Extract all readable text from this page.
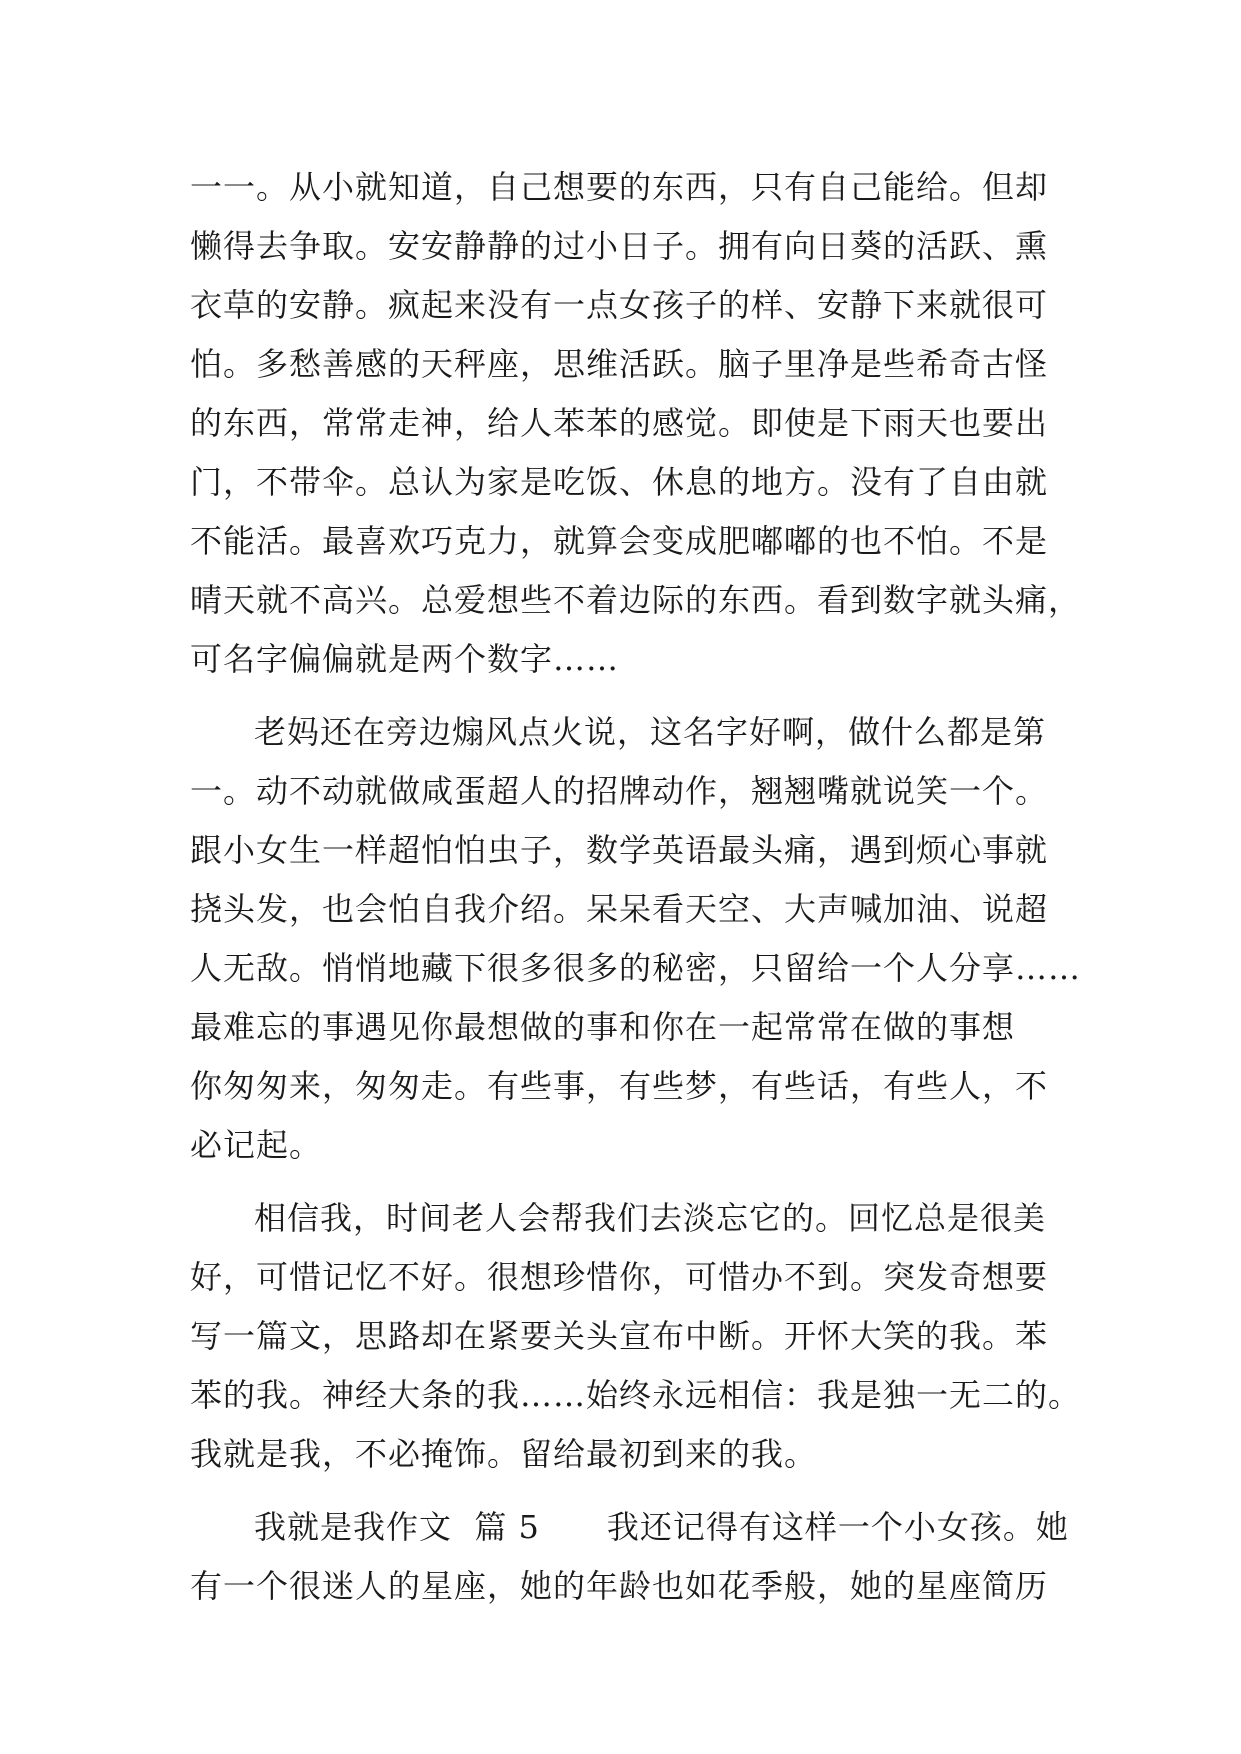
一一。从小就知道，自己想要的东西，只有自己能给。但却
懒得去争取。安安静静的过小日子。拥有向日葵的活跃、熏
衣草的安静。疯起来没有一点女孩子的样、安静下来就很可
怕。多愁善感的天秤座，思维活跃。脑子里净是些希奇古怪
的东西，常常走神，给人苯苯的感觉。即使是下雨天也要出
门，不带伞。总认为家是吃饭、休息的地方。没有了自由就
不能活。最喜欢巧克力，就算会变成肥嘟嘟的也不怕。不是
晴天就不高兴。总爱想些不着边际的东西。看到数字就头痛，
可名字偏偏就是两个数字……
老妈还在旁边煽风点火说，这名字好啊，做什么都是第
一。动不动就做咸蛋超人的招牌动作，翘翘嘴就说笑一个。
跟小女生一样超怕怕虫子，数学英语最头痛，遇到烦心事就
挠头发，也会怕自我介绍。呆呆看天空、大声喊加油、说超
人无敌。悄悄地藏下很多很多的秘密，只留给一个人分享……
最难忘的事遇见你最想做的事和你在一起常常在做的事想
你匆匆来，匆匆走。有些事，有些梦，有些话，有些人，不
必记起。
相信我，时间老人会帮我们去淡忘它的。回忆总是很美
好，可惜记忆不好。很想珍惜你，可惜办不到。突发奇想要
写一篇文，思路却在紧要关头宣布中断。开怀大笑的我。苯
苯的我。神经大条的我……始终永远相信：我是独一无二的。
我就是我，不必掩饰。留给最初到来的我。
我就是我作文  篇 5      我还记得有这样一个小女孩。她
有一个很迷人的星座，她的年龄也如花季般，她的星座简历
